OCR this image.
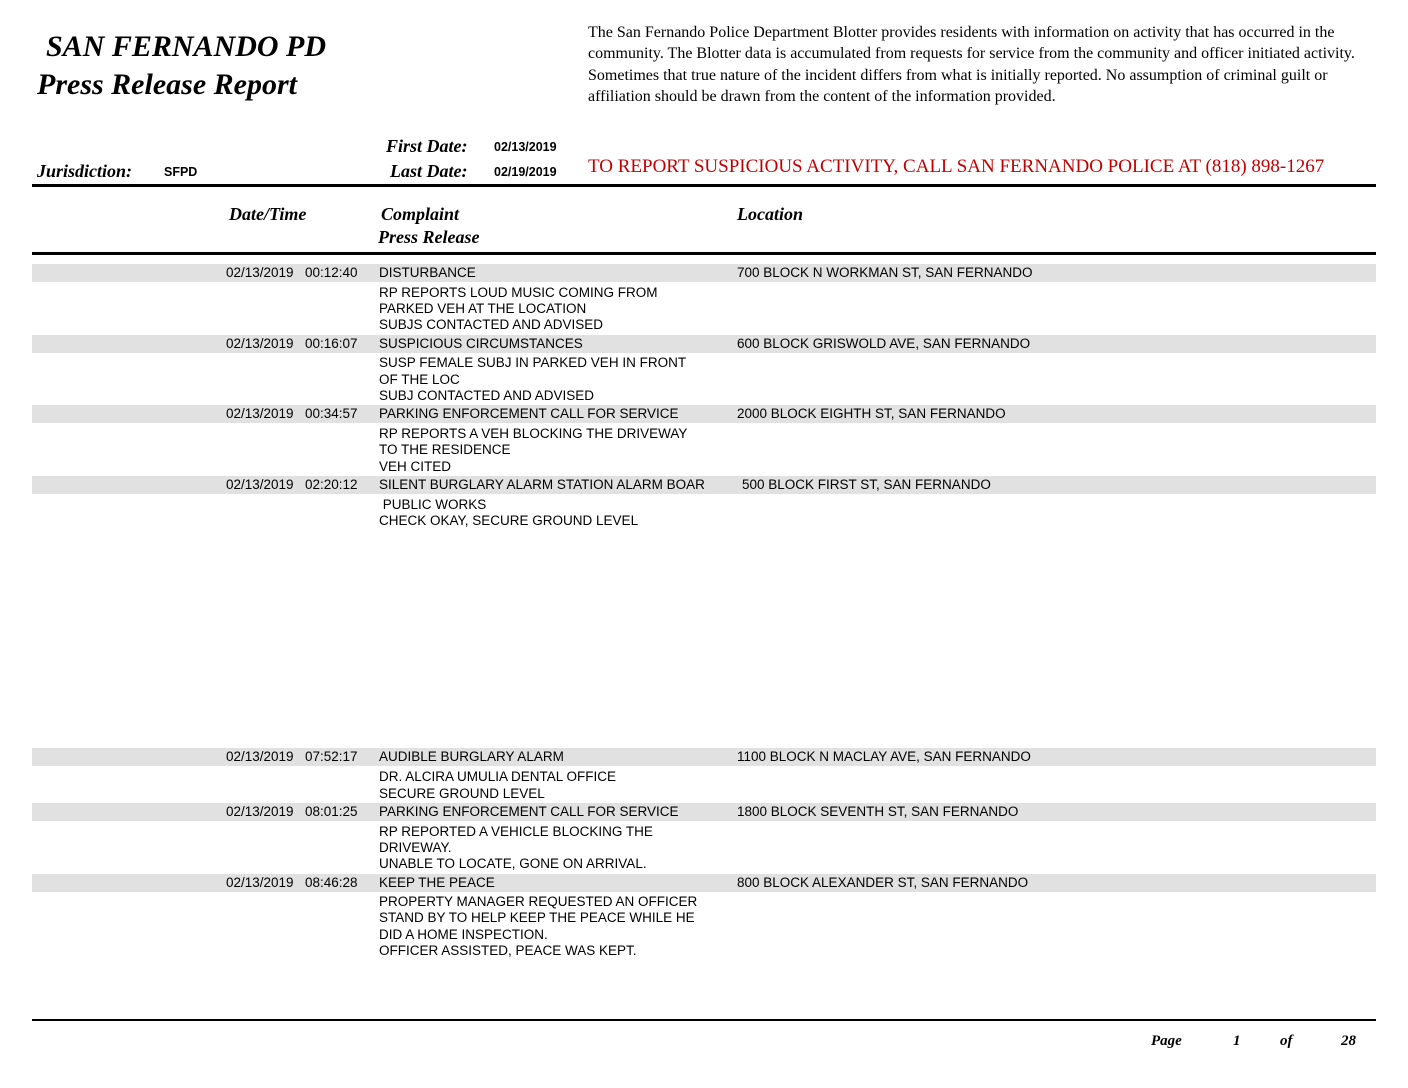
SAN FERNANDO PD
Press Release Report
The San Fernando Police Department Blotter provides residents with information on activity that has occurred in the community. The Blotter data is accumulated from requests for service from the community and officer initiated activity. Sometimes that true nature of the incident differs from what is initially reported. No assumption of criminal guilt or affiliation should be drawn from the content of the information provided.
Jurisdiction:	SFPD
First Date: 02/13/2019
Last Date: 02/19/2019 TO REPORT SUSPICIOUS ACTIVITY, CALL SAN FERNANDO POLICE AT (818) 898-1267
Date/Time	Complaint
Press Release
Location
02/13/2019 00:12:40 DISTURBANCE	700 BLOCK N WORKMAN ST, SAN FERNANDO
RP REPORTS LOUD MUSIC COMING FROM
PARKED VEH AT THE LOCATION
SUBJS CONTACTED AND ADVISED
02/13/2019 00:16:07 SUSPICIOUS CIRCUMSTANCES	600 BLOCK GRISWOLD AVE, SAN FERNANDO
SUSP FEMALE SUBJ IN PARKED VEH IN FRONT
OF THE LOC
SUBJ CONTACTED AND ADVISED
02/13/2019 00:34:57 PARKING ENFORCEMENT CALL FOR SERVICE	2000 BLOCK EIGHTH ST, SAN FERNANDO
RP REPORTS A VEH BLOCKING THE DRIVEWAY
TO THE RESIDENCE
VEH CITED
02/13/2019 02:20:12 SILENT BURGLARY ALARM STATION ALARM BOAR	500 BLOCK FIRST ST, SAN FERNANDO
PUBLIC WORKS
CHECK OKAY, SECURE GROUND LEVEL
02/13/2019 07:52:17 AUDIBLE BURGLARY ALARM	1100 BLOCK N MACLAY AVE, SAN FERNANDO
DR. ALCIRA UMULIA DENTAL OFFICE
SECURE GROUND LEVEL
02/13/2019 08:01:25 PARKING ENFORCEMENT CALL FOR SERVICE	1800 BLOCK SEVENTH ST, SAN FERNANDO
RP REPORTED A VEHICLE BLOCKING THE
DRIVEWAY.
UNABLE TO LOCATE, GONE ON ARRIVAL.
02/13/2019 08:46:28 KEEP THE PEACE	800 BLOCK ALEXANDER ST, SAN FERNANDO
PROPERTY MANAGER REQUESTED AN OFFICER
STAND BY TO HELP KEEP THE PEACE WHILE HE
DID A HOME INSPECTION.
OFFICER ASSISTED, PEACE WAS KEPT.
Page	1	of	28
